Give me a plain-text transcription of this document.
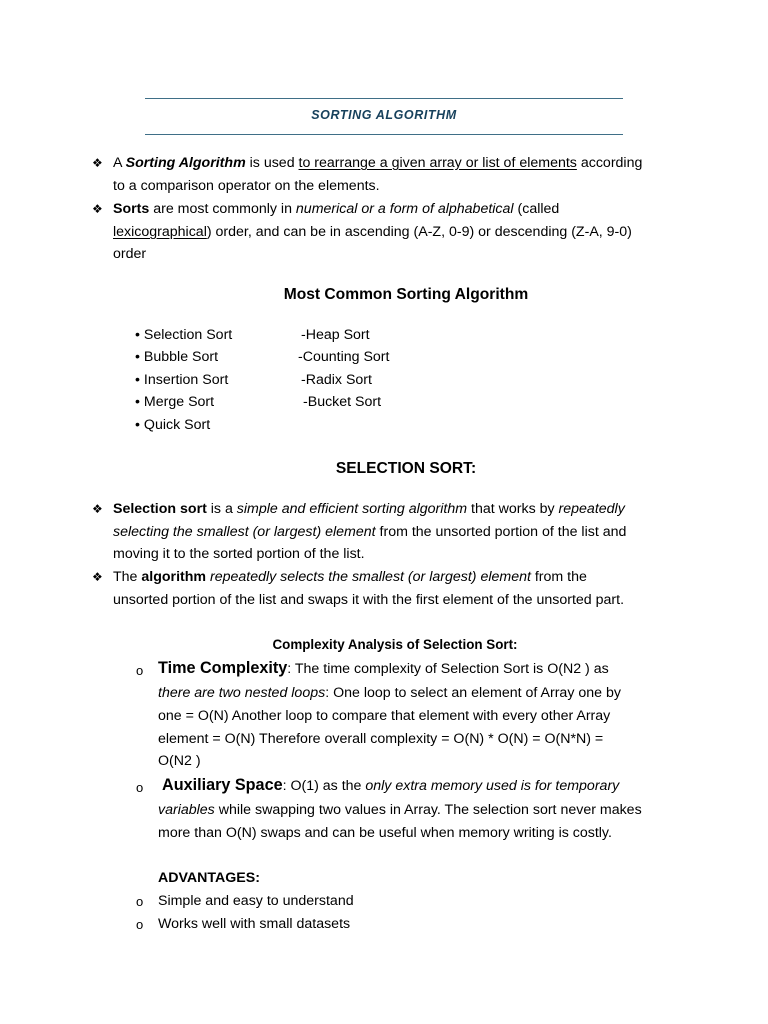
SORTING ALGORITHM
❖ A Sorting Algorithm is used to rearrange a given array or list of elements according
to a comparison operator on the elements.
❖ Sorts are most commonly in numerical or a form of alphabetical (called
lexicographical) order, and can be in ascending (A-Z, 0-9) or descending (Z-A, 9-0)
order
Most Common Sorting Algorithm
• Selection Sort
• Bubble Sort
• Insertion Sort
• Merge Sort
• Quick Sort
-Heap Sort
-Counting Sort
-Radix Sort
-Bucket Sort
SELECTION SORT:
❖ Selection sort is a simple and efficient sorting algorithm that works by repeatedly
selecting the smallest (or largest) element from the unsorted portion of the list and
moving it to the sorted portion of the list.
❖ The algorithm repeatedly selects the smallest (or largest) element from the
unsorted portion of the list and swaps it with the first element of the unsorted part.
Complexity Analysis of Selection Sort:
o Time Complexity: The time complexity of Selection Sort is O(N2 ) as
there are two nested loops: One loop to select an element of Array one by
one = O(N) Another loop to compare that element with every other Array
element = O(N) Therefore overall complexity = O(N) * O(N) = O(N*N) =
O(N2 )
o Auxiliary Space: O(1) as the only extra memory used is for temporary
variables while swapping two values in Array. The selection sort never makes
more than O(N) swaps and can be useful when memory writing is costly.
ADVANTAGES:
o Simple and easy to understand
o Works well with small datasets
